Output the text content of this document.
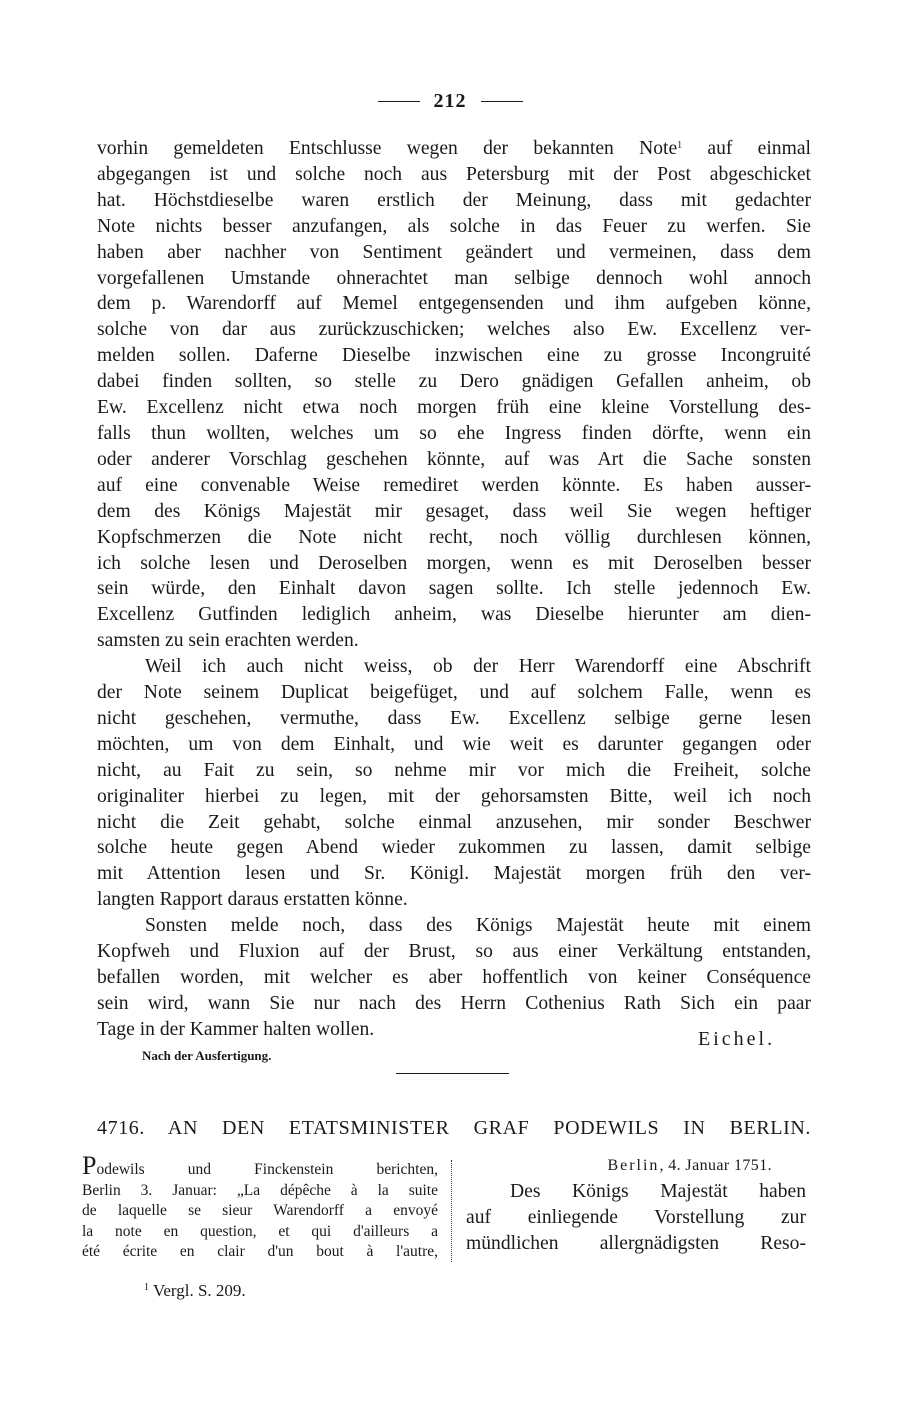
212
vorhin gemeldeten Entschlusse wegen der bekannten Note$^1$ auf einmal
abgegangen ist und solche noch aus Petersburg mit der Post abgeschicket
hat. Höchstdieselbe waren erstlich der Meinung, dass mit gedachter
Note nichts besser anzufangen, als solche in das Feuer zu werfen. Sie
haben aber nachher von Sentiment geändert und vermeinen, dass dem
vorgefallenen Umstande ohnerachtet man selbige dennoch wohl annoch
dem p. Warendorff auf Memel entgegensenden und ihm aufgeben könne,
solche von dar aus zurückzuschicken; welches also Ew. Excellenz ver-
melden sollen. Daferne Dieselbe inzwischen eine zu grosse Incongruité
dabei finden sollten, so stelle zu Dero gnädigen Gefallen anheim, ob
Ew. Excellenz nicht etwa noch morgen früh eine kleine Vorstellung des-
falls thun wollten, welches um so ehe Ingress finden dörfte, wenn ein
oder anderer Vorschlag geschehen könnte, auf was Art die Sache sonsten
auf eine convenable Weise remediret werden könnte. Es haben ausser-
dem des Königs Majestät mir gesaget, dass weil Sie wegen heftiger
Kopfschmerzen die Note nicht recht, noch völlig durchlesen können,
ich solche lesen und Deroselben morgen, wenn es mit Deroselben besser
sein würde, den Einhalt davon sagen sollte. Ich stelle jedennoch Ew.
Excellenz Gutfinden lediglich anheim, was Dieselbe hierunter am dien-
samsten zu sein erachten werden.
Weil ich auch nicht weiss, ob der Herr Warendorff eine Abschrift
der Note seinem Duplicat beigefüget, und auf solchem Falle, wenn es
nicht geschehen, vermuthe, dass Ew. Excellenz selbige gerne lesen
möchten, um von dem Einhalt, und wie weit es darunter gegangen oder
nicht, au Fait zu sein, so nehme mir vor mich die Freiheit, solche
originaliter hierbei zu legen, mit der gehorsamsten Bitte, weil ich noch
nicht die Zeit gehabt, solche einmal anzusehen, mir sonder Beschwer
solche heute gegen Abend wieder zukommen zu lassen, damit selbige
mit Attention lesen und Sr. Königl. Majestät morgen früh den ver-
langten Rapport daraus erstatten könne.
Sonsten melde noch, dass des Königs Majestät heute mit einem
Kopfweh und Fluxion auf der Brust, so aus einer Verkältung entstanden,
befallen worden, mit welcher es aber hoffentlich von keiner Conséquence
sein wird, wann Sie nur nach des Herrn Cothenius Rath Sich ein paar
Tage in der Kammer halten wollen.	Eichel.
Nach der Ausfertigung.
4716. AN DEN ETATSMINISTER GRAF PODEWILS IN BERLIN.
Podewils und Finckenstein berichten,
Berlin 3. Januar: „La dépêche à la suite
de laquelle se sieur Warendorff a envoyé
la note en question, et qui d'ailleurs a
été écrite en clair d'un bout à l'autre,
Berlin, 4. Januar 1751.
Des Königs Majestät haben
auf einliegende Vorstellung zur
mündlichen allergnädigsten Reso-
$^1$ Vergl. S. 209.
